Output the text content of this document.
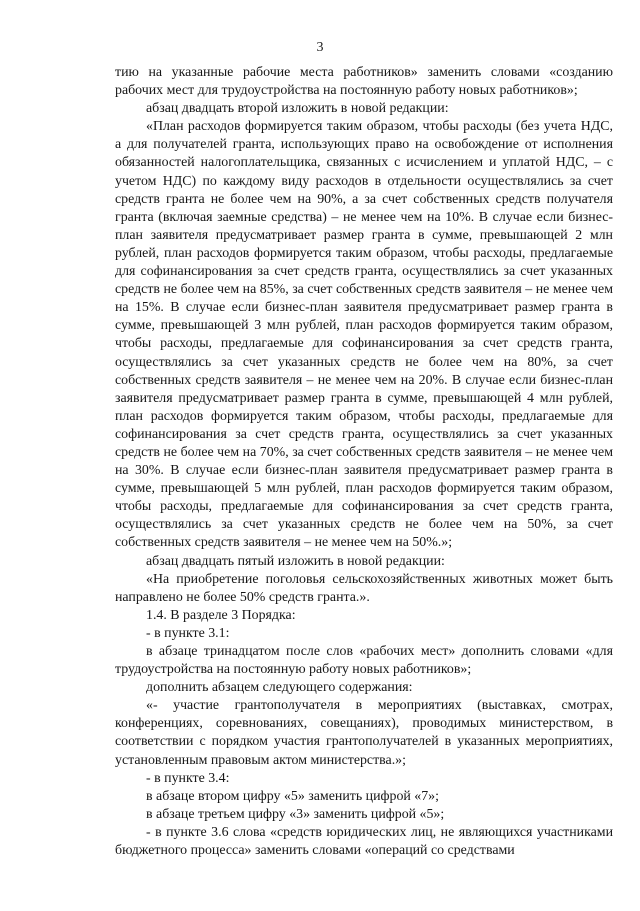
3

тию на указанные рабочие места работников» заменить словами «созданию рабочих мест для трудоустройства на постоянную работу новых работников»;

абзац двадцать второй изложить в новой редакции:

«План расходов формируется таким образом, чтобы расходы (без учета НДС, а для получателей гранта, использующих право на освобождение от исполнения обязанностей налогоплательщика, связанных с исчислением и уплатой НДС, – с учетом НДС) по каждому виду расходов в отдельности осуществлялись за счет средств гранта не более чем на 90%, а за счет собственных средств получателя гранта (включая заемные средства) – не менее чем на 10%. В случае если бизнес-план заявителя предусматривает размер гранта в сумме, превышающей 2 млн рублей, план расходов формируется таким образом, чтобы расходы, предлагаемые для софинансирования за счет средств гранта, осуществлялись за счет указанных средств не более чем на 85%, за счет собственных средств заявителя – не менее чем на 15%. В случае если бизнес-план заявителя предусматривает размер гранта в сумме, превышающей 3 млн рублей, план расходов формируется таким образом, чтобы расходы, предлагаемые для софинансирования за счет средств гранта, осуществлялись за счет указанных средств не более чем на 80%, за счет собственных средств заявителя – не менее чем на 20%. В случае если бизнес-план заявителя предусматривает размер гранта в сумме, превышающей 4 млн рублей, план расходов формируется таким образом, чтобы расходы, предлагаемые для софинансирования за счет средств гранта, осуществлялись за счет указанных средств не более чем на 70%, за счет собственных средств заявителя – не менее чем на 30%. В случае если бизнес-план заявителя предусматривает размер гранта в сумме, превышающей 5 млн рублей, план расходов формируется таким образом, чтобы расходы, предлагаемые для софинансирования за счет средств гранта, осуществлялись за счет указанных средств не более чем на 50%, за счет собственных средств заявителя – не менее чем на 50%.»;

абзац двадцать пятый изложить в новой редакции:

«На приобретение поголовья сельскохозяйственных животных может быть направлено не более 50% средств гранта.».

1.4. В разделе 3 Порядка:

- в пункте 3.1:

в абзаце тринадцатом после слов «рабочих мест» дополнить словами «для трудоустройства на постоянную работу новых работников»;

дополнить абзацем следующего содержания:

«- участие грантополучателя в мероприятиях (выставках, смотрах, конференциях, соревнованиях, совещаниях), проводимых министерством, в соответствии с порядком участия грантополучателей в указанных мероприятиях, установленным правовым актом министерства.»;

- в пункте 3.4:

в абзаце втором цифру «5» заменить цифрой «7»;

в абзаце третьем цифру «3» заменить цифрой «5»;

- в пункте 3.6 слова «средств юридических лиц, не являющихся участниками бюджетного процесса» заменить словами «операций со средствами
